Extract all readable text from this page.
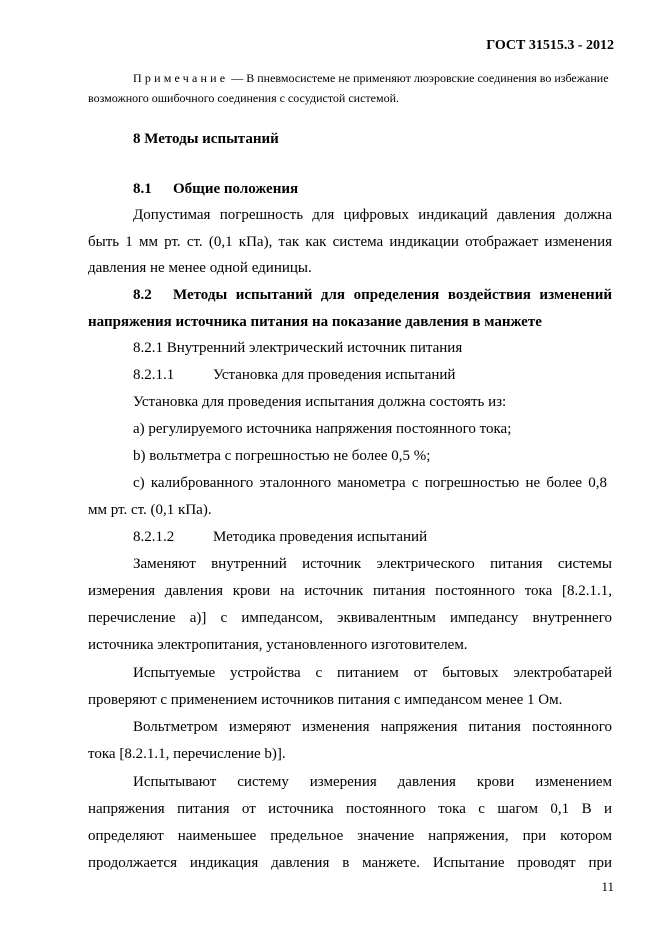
ГОСТ 31515.3 - 2012
Примечание — В пневмосистеме не применяют люэровские соединения во избежание
возможного ошибочного соединения с сосудистой системой.
8 Методы испытаний
8.1 Общие положения
Допустимая погрешность для цифровых индикаций давления должна
быть 1 мм рт. ст. (0,1 кПа), так как система индикации отображает изменения
давления не менее одной единицы.
8.2 Методы испытаний для определения воздействия изменений
напряжения источника питания на показание давления в манжете
8.2.1 Внутренний электрический источник питания
8.2.1.1	Установка для проведения испытаний
Установка для проведения испытания должна состоять из:
a) регулируемого источника напряжения постоянного тока;
b) вольтметра с погрешностью не более 0,5 %;
c) калиброванного эталонного манометра с погрешностью не более 0,8
мм рт. ст. (0,1 кПа).
8.2.1.2	Методика проведения испытаний
Заменяют внутренний источник электрического питания системы
измерения давления крови на источник питания постоянного тока [8.2.1.1,
перечисление a)] с импедансом, эквивалентным импедансу внутреннего
источника электропитания, установленного изготовителем.
Испытуемые устройства с питанием от бытовых электробатарей
проверяют с применением источников питания с импедансом менее 1 Ом.
Вольтметром измеряют изменения напряжения питания постоянного
тока [8.2.1.1, перечисление b)].
Испытывают систему измерения давления крови изменением
напряжения питания от источника постоянного тока с шагом 0,1 В и
определяют наименьшее предельное значение напряжения, при котором
продолжается индикация давления в манжете. Испытание проводят при
11
